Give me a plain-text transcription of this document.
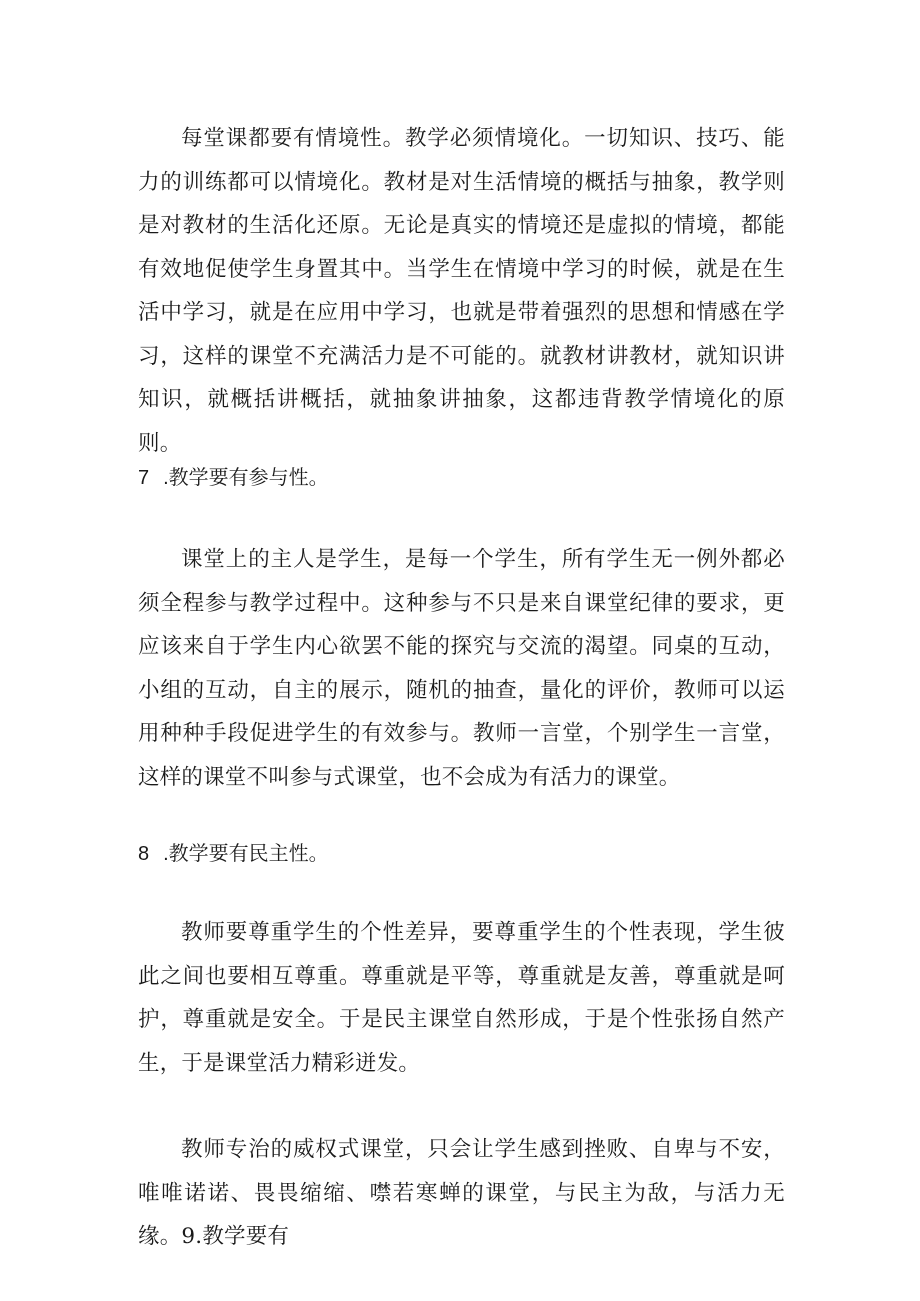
每堂课都要有情境性。教学必须情境化。一切知识、技巧、能力的训练都可以情境化。教材是对生活情境的概括与抽象，教学则是对教材的生活化还原。无论是真实的情境还是虚拟的情境，都能有效地促使学生身置其中。当学生在情境中学习的时候，就是在生活中学习，就是在应用中学习，也就是带着强烈的思想和情感在学习，这样的课堂不充满活力是不可能的。就教材讲教材，就知识讲知识，就概括讲概括，就抽象讲抽象，这都违背教学情境化的原则。

7 .教学要有参与性。

课堂上的主人是学生，是每一个学生，所有学生无一例外都必须全程参与教学过程中。这种参与不只是来自课堂纪律的要求，更应该来自于学生内心欲罢不能的探究与交流的渴望。同桌的互动，小组的互动，自主的展示，随机的抽查，量化的评价，教师可以运用种种手段促进学生的有效参与。教师一言堂，个别学生一言堂，这样的课堂不叫参与式课堂，也不会成为有活力的课堂。

8 .教学要有民主性。

教师要尊重学生的个性差异，要尊重学生的个性表现，学生彼此之间也要相互尊重。尊重就是平等，尊重就是友善，尊重就是呵护，尊重就是安全。于是民主课堂自然形成，于是个性张扬自然产生，于是课堂活力精彩迸发。

教师专治的威权式课堂，只会让学生感到挫败、自卑与不安，唯唯诺诺、畏畏缩缩、噤若寒蝉的课堂，与民主为敌，与活力无缘。9.教学要有
